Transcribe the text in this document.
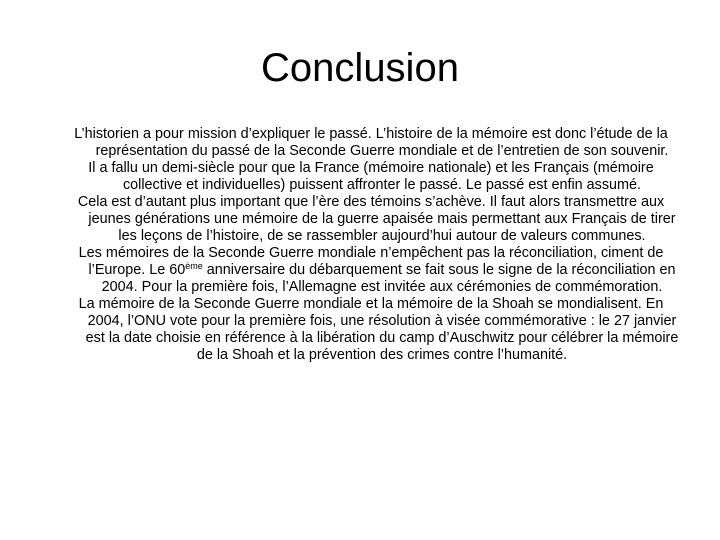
Conclusion

L’historien a pour mission d’expliquer le passé. L’histoire de la mémoire est donc l’étude de la représentation du passé de la Seconde Guerre mondiale et de l’entretien de son souvenir.

Il a fallu un demi-siècle pour que la France (mémoire nationale) et les Français (mémoire collective et individuelles) puissent affronter le passé. Le passé est enfin assumé.

Cela est d’autant plus important que l’ère des témoins s’achève. Il faut alors transmettre aux jeunes générations une mémoire de la guerre apaisée mais permettant aux Français de tirer les leçons de l’histoire, de se rassembler aujourd’hui autour de valeurs communes.

Les mémoires de la Seconde Guerre mondiale n’empêchent pas la réconciliation, ciment de l’Europe. Le 60ème anniversaire du débarquement se fait sous le signe de la réconciliation en 2004. Pour la première fois, l’Allemagne est invitée aux cérémonies de commémoration.

La mémoire de la Seconde Guerre mondiale et la mémoire de la Shoah se mondialisent. En 2004, l’ONU vote pour la première fois, une résolution à visée commémorative : le 27 janvier est la date choisie en référence à la libération du camp d’Auschwitz pour célébrer la mémoire de la Shoah et la prévention des crimes contre l’humanité.
